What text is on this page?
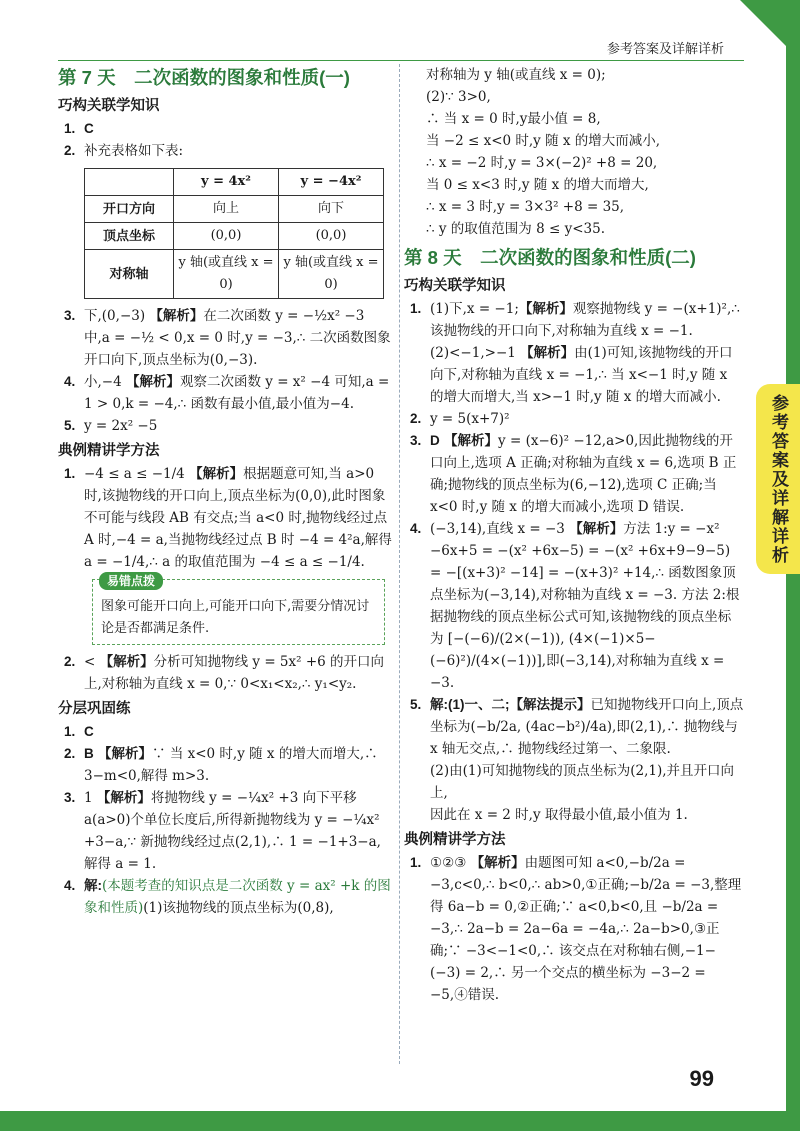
参考答案及详解详析
参考答案及详解详析
第 7 天　二次函数的图象和性质(一)
巧构关联学知识

1. C

2. 补充表格如下表:

	y = 4x²	y = −4x²
开口方向	向上	向下
顶点坐标	(0,0)	(0,0)
对称轴	y 轴(或直线 x = 0)	y 轴(或直线 x = 0)

3. 下,(0,−3) 【解析】在二次函数 y = −½x² −3 中,a = −½ < 0,x = 0 时,y = −3,∴ 二次函数图象开口向下,顶点坐标为(0,−3).

4. 小,−4 【解析】观察二次函数 y = x² −4 可知,a = 1 > 0,k = −4,∴ 函数有最小值,最小值为−4.

5. y = 2x² −5

典例精讲学方法

1. −4 ≤ a ≤ −1/4 【解析】根据题意可知,当 a>0 时,该抛物线的开口向上,顶点坐标为(0,0),此时图象不可能与线段 AB 有交点;当 a<0 时,抛物线经过点 A 时,−4 = a,当抛物线经过点 B 时 −4 = 4²a,解得 a = −1/4,∴ a 的取值范围为 −4 ≤ a ≤ −1/4.

易错点拨
图象可能开口向上,可能开口向下,需要分情况讨论是否都满足条件.

2. < 【解析】分析可知抛物线 y = 5x² +6 的开口向上,对称轴为直线 x = 0,∵ 0<x₁<x₂,∴ y₁<y₂.

分层巩固练

1. C

2. B 【解析】∵ 当 x<0 时,y 随 x 的增大而增大,∴ 3−m<0,解得 m>3.

3. 1 【解析】将抛物线 y = −¼x² +3 向下平移 a(a>0)个单位长度后,所得新抛物线为 y = −¼x² +3−a,∵ 新抛物线经过点(2,1),∴ 1 = −1+3−a,解得 a = 1.

4. 解:(本题考查的知识点是二次函数 y = ax² +k 的图象和性质)(1)该抛物线的顶点坐标为(0,8),

对称轴为 y 轴(或直线 x = 0);

(2)∵ 3>0,

∴ 当 x = 0 时,y最小值 = 8,

当 −2 ≤ x<0 时,y 随 x 的增大而减小,

∴ x = −2 时,y = 3×(−2)² +8 = 20,

当 0 ≤ x<3 时,y 随 x 的增大而增大,

∴ x = 3 时,y = 3×3² +8 = 35,

∴ y 的取值范围为 8 ≤ y<35.

第 8 天　二次函数的图象和性质(二)
巧构关联学知识

1. (1)下,x = −1;【解析】观察抛物线 y = −(x+1)²,∴ 该抛物线的开口向下,对称轴为直线 x = −1.

(2)<−1,>−1 【解析】由(1)可知,该抛物线的开口向下,对称轴为直线 x = −1,∴ 当 x<−1 时,y 随 x 的增大而增大,当 x>−1 时,y 随 x 的增大而减小.

2. y = 5(x+7)²

3. D 【解析】y = (x−6)² −12,a>0,因此抛物线的开口向上,选项 A 正确;对称轴为直线 x = 6,选项 B 正确;抛物线的顶点坐标为(6,−12),选项 C 正确;当 x<0 时,y 随 x 的增大而减小,选项 D 错误.

4. (−3,14),直线 x = −3 【解析】方法 1:y = −x² −6x+5 = −(x² +6x−5) = −(x² +6x+9−9−5) = −[(x+3)² −14] = −(x+3)² +14,∴ 函数图象顶点坐标为(−3,14),对称轴为直线 x = −3. 方法 2:根据抛物线的顶点坐标公式可知,该抛物线的顶点坐标为 [−(−6)/(2×(−1)), (4×(−1)×5−(−6)²)/(4×(−1))],即(−3,14),对称轴为直线 x = −3.

5. 解:(1)一、二;【解法提示】已知抛物线开口向上,顶点坐标为(−b/2a, (4ac−b²)/4a),即(2,1),∴ 抛物线与 x 轴无交点,∴ 抛物线经过第一、二象限.

(2)由(1)可知抛物线的顶点坐标为(2,1),并且开口向上,

因此在 x = 2 时,y 取得最小值,最小值为 1.

典例精讲学方法

1. ①②③ 【解析】由题图可知 a<0,−b/2a = −3,c<0,∴ b<0,∴ ab>0,①正确;−b/2a = −3,整理得 6a−b = 0,②正确;∵ a<0,b<0,且 −b/2a = −3,∴ 2a−b = 2a−6a = −4a,∴ 2a−b>0,③正确;∵ −3<−1<0,∴ 该交点在对称轴右侧,−1−(−3) = 2,∴ 另一个交点的横坐标为 −3−2 = −5,④错误.

99
